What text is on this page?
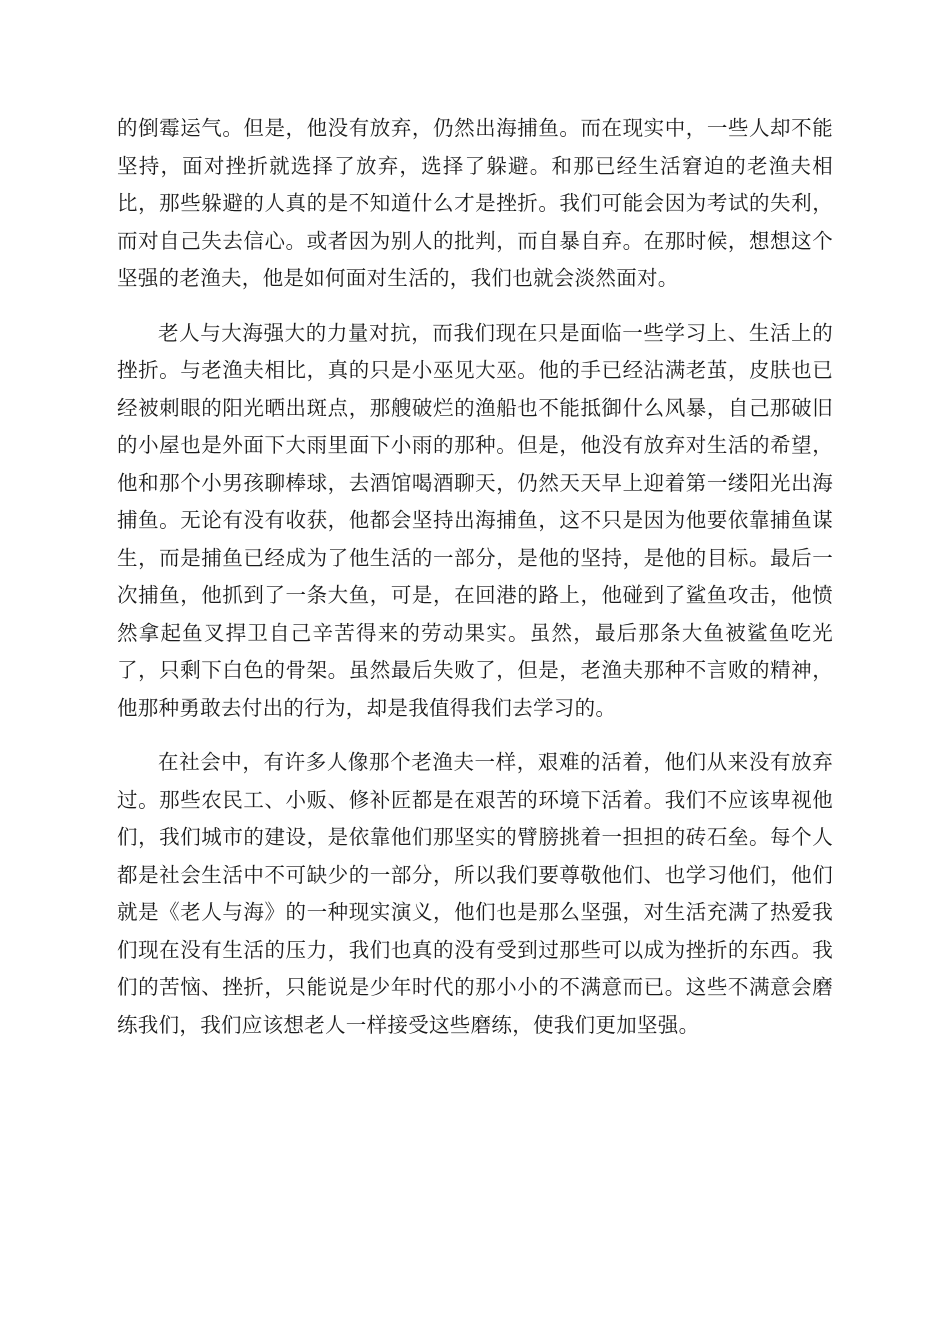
的倒霉运气。但是，他没有放弃，仍然出海捕鱼。而在现实中，一些人却不能坚持，面对挫折就选择了放弃，选择了躲避。和那已经生活窘迫的老渔夫相比，那些躲避的人真的是不知道什么才是挫折。我们可能会因为考试的失利，而对自己失去信心。或者因为别人的批判，而自暴自弃。在那时候，想想这个坚强的老渔夫，他是如何面对生活的，我们也就会淡然面对。

老人与大海强大的力量对抗，而我们现在只是面临一些学习上、生活上的挫折。与老渔夫相比，真的只是小巫见大巫。他的手已经沾满老茧，皮肤也已经被刺眼的阳光晒出斑点，那艘破烂的渔船也不能抵御什么风暴，自己那破旧的小屋也是外面下大雨里面下小雨的那种。但是，他没有放弃对生活的希望，他和那个小男孩聊棒球，去酒馆喝酒聊天，仍然天天早上迎着第一缕阳光出海捕鱼。无论有没有收获，他都会坚持出海捕鱼，这不只是因为他要依靠捕鱼谋生，而是捕鱼已经成为了他生活的一部分，是他的坚持，是他的目标。最后一次捕鱼，他抓到了一条大鱼，可是，在回港的路上，他碰到了鲨鱼攻击，他愤然拿起鱼叉捍卫自己辛苦得来的劳动果实。虽然，最后那条大鱼被鲨鱼吃光了，只剩下白色的骨架。虽然最后失败了，但是，老渔夫那种不言败的精神，他那种勇敢去付出的行为，却是我值得我们去学习的。

在社会中，有许多人像那个老渔夫一样，艰难的活着，他们从来没有放弃过。那些农民工、小贩、修补匠都是在艰苦的环境下活着。我们不应该卑视他们，我们城市的建设，是依靠他们那坚实的臂膀挑着一担担的砖石垒。每个人都是社会生活中不可缺少的一部分，所以我们要尊敬他们、也学习他们，他们就是《老人与海》的一种现实演义，他们也是那么坚强，对生活充满了热爱我们现在没有生活的压力，我们也真的没有受到过那些可以成为挫折的东西。我们的苦恼、挫折，只能说是少年时代的那小小的不满意而已。这些不满意会磨练我们，我们应该想老人一样接受这些磨练，使我们更加坚强。
